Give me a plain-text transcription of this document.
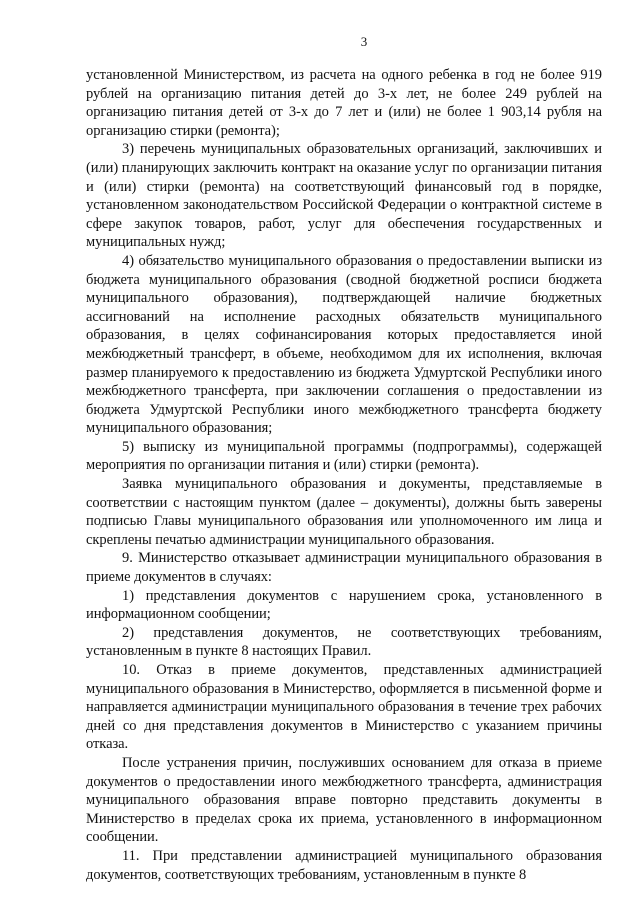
3

установленной Министерством, из расчета на одного ребенка в год не более 919 рублей на организацию питания детей до 3-х лет, не более 249 рублей на организацию питания детей от 3-х до 7 лет и (или) не более 1 903,14 рубля на организацию стирки (ремонта);

3) перечень муниципальных образовательных организаций, заключивших и (или) планирующих заключить контракт на оказание услуг по организации питания и (или) стирки (ремонта) на соответствующий финансовый год в порядке, установленном законодательством Российской Федерации о контрактной системе в сфере закупок товаров, работ, услуг для обеспечения государственных и муниципальных нужд;

4) обязательство муниципального образования о предоставлении выписки из бюджета муниципального образования (сводной бюджетной росписи бюджета муниципального образования), подтверждающей наличие бюджетных ассигнований на исполнение расходных обязательств муниципального образования, в целях софинансирования которых предоставляется иной межбюджетный трансферт, в объеме, необходимом для их исполнения, включая размер планируемого к предоставлению из бюджета Удмуртской Республики иного межбюджетного трансферта, при заключении соглашения о предоставлении из бюджета Удмуртской Республики иного межбюджетного трансферта бюджету муниципального образования;

5) выписку из муниципальной программы (подпрограммы), содержащей мероприятия по организации питания и (или) стирки (ремонта).

Заявка муниципального образования и документы, представляемые в соответствии с настоящим пунктом (далее – документы), должны быть заверены подписью Главы муниципального образования или уполномоченного им лица и скреплены печатью администрации муниципального образования.

9. Министерство отказывает администрации муниципального образования в приеме документов в случаях:

1) представления документов с нарушением срока, установленного в информационном сообщении;

2) представления документов, не соответствующих требованиям, установленным в пункте 8 настоящих Правил.

10. Отказ в приеме документов, представленных администрацией муниципального образования в Министерство, оформляется в письменной форме и направляется администрации муниципального образования в течение трех рабочих дней со дня представления документов в Министерство с указанием причины отказа.

После устранения причин, послуживших основанием для отказа в приеме документов о предоставлении иного межбюджетного трансферта, администрация муниципального образования вправе повторно представить документы в Министерство в пределах срока их приема, установленного в информационном сообщении.

11. При представлении администрацией муниципального образования документов, соответствующих требованиям, установленным в пункте 8
